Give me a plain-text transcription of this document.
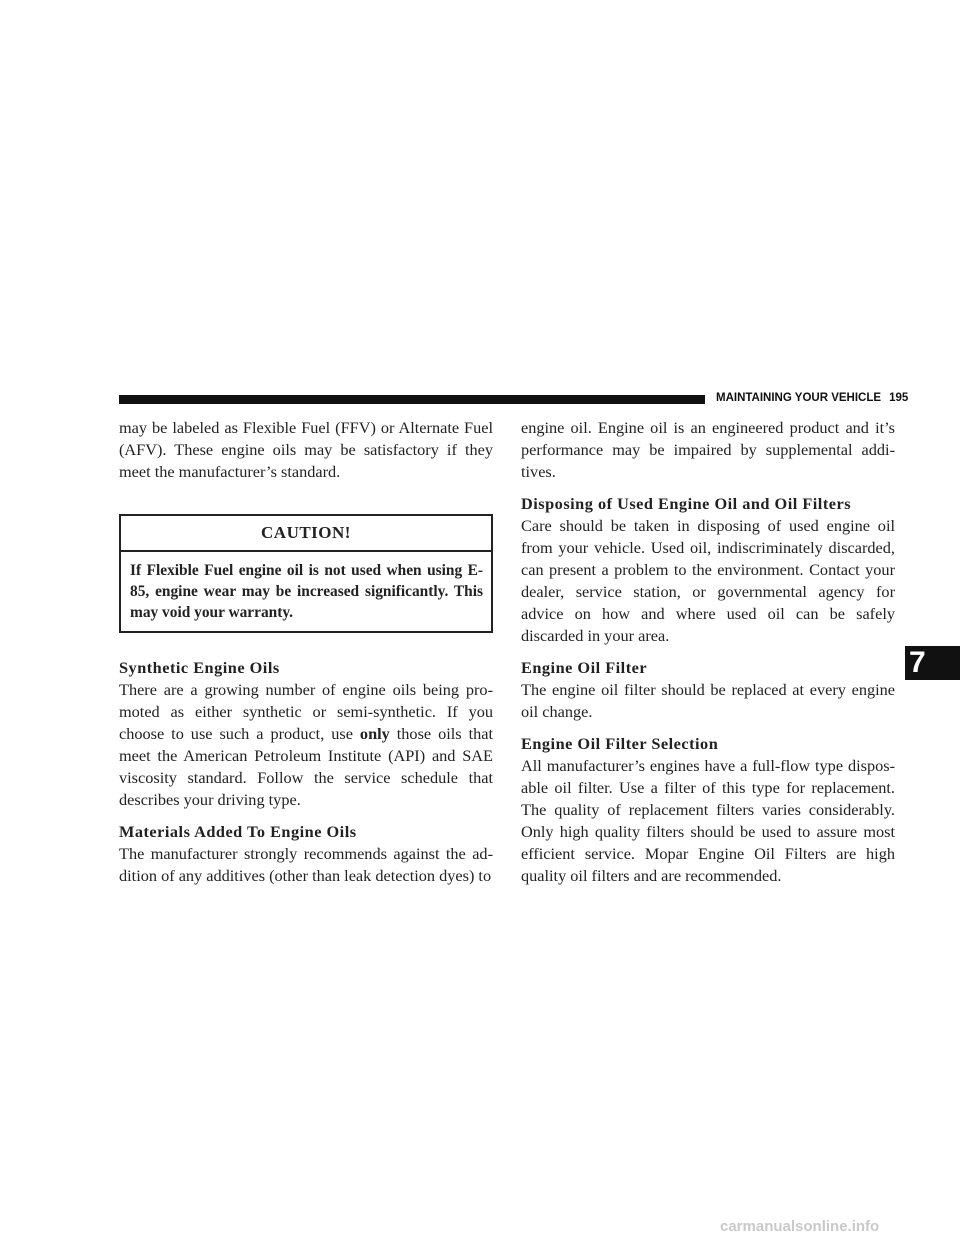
MAINTAINING YOUR VEHICLE 195

may be labeled as Flexible Fuel (FFV) or Alternate Fuel (AFV). These engine oils may be satisfactory if they meet the manufacturer’s standard.

CAUTION!
If Flexible Fuel engine oil is not used when using E-85, engine wear may be increased significantly. This may void your warranty.
Synthetic Engine Oils

There are a growing number of engine oils being pro-moted as either synthetic or semi-synthetic. If you choose to use such a product, use only those oils that meet the American Petroleum Institute (API) and SAE viscosity standard. Follow the service schedule that describes your driving type.

Materials Added To Engine Oils

The manufacturer strongly recommends against the ad-dition of any additives (other than leak detection dyes) to

engine oil. Engine oil is an engineered product and it’s performance may be impaired by supplemental addi-tives.

Disposing of Used Engine Oil and Oil Filters

Care should be taken in disposing of used engine oil from your vehicle. Used oil, indiscriminately discarded, can present a problem to the environment. Contact your dealer, service station, or governmental agency for advice on how and where used oil can be safely discarded in your area.

Engine Oil Filter

The engine oil filter should be replaced at every engine oil change.

Engine Oil Filter Selection

All manufacturer’s engines have a full-flow type dispos-able oil filter. Use a filter of this type for replacement. The quality of replacement filters varies considerably. Only high quality filters should be used to assure most efficient service. Mopar Engine Oil Filters are high quality oil filters and are recommended.

7
carmanualsonline.info
